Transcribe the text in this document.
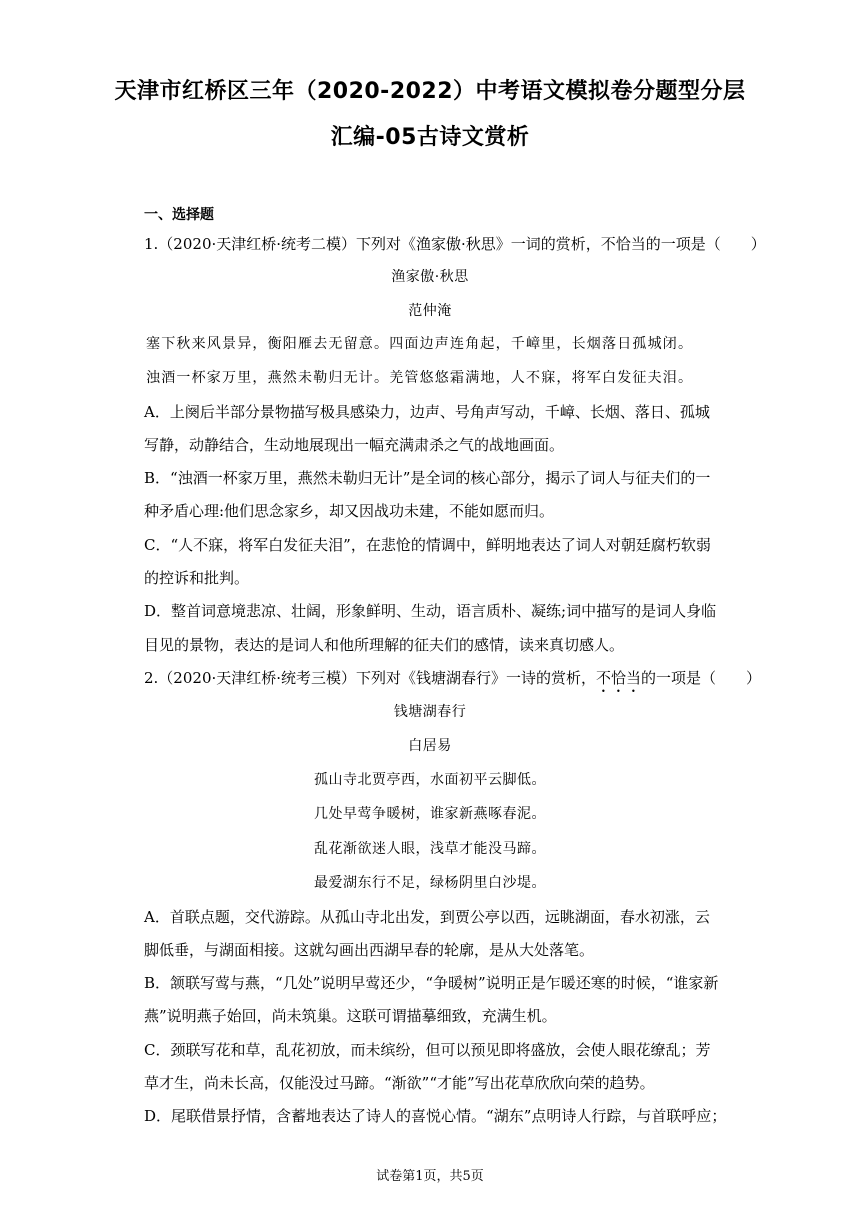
天津市红桥区三年（2020-2022）中考语文模拟卷分题型分层
汇编-05古诗文赏析
一、选择题
1.（2020·天津红桥·统考二模）下列对《渔家傲·秋思》一词的赏析，不恰当的一项是（　　）
渔家傲·秋思
范仲淹
塞下秋来风景异，衡阳雁去无留意。四面边声连角起，千嶂里，长烟落日孤城闭。
浊酒一杯家万里，燕然未勒归无计。羌管悠悠霜满地，人不寐，将军白发征夫泪。
A．上阕后半部分景物描写极具感染力，边声、号角声写动，千嶂、长烟、落日、孤城
写静，动静结合，生动地展现出一幅充满肃杀之气的战地画面。
B．“浊酒一杯家万里，燕然未勒归无计”是全词的核心部分，揭示了词人与征夫们的一
种矛盾心理:他们思念家乡，却又因战功未建，不能如愿而归。
C．“人不寐，将军白发征夫泪”，在悲怆的情调中，鲜明地表达了词人对朝廷腐朽软弱
的控诉和批判。
D．整首词意境悲凉、壮阔，形象鲜明、生动，语言质朴、凝练;词中描写的是词人身临
目见的景物，表达的是词人和他所理解的征夫们的感情，读来真切感人。
2.（2020·天津红桥·统考三模）下列对《钱塘湖春行》一诗的赏析，不恰当的一项是（　　）
钱塘湖春行
白居易
孤山寺北贾亭西，水面初平云脚低。
几处早莺争暖树，谁家新燕啄春泥。
乱花渐欲迷人眼，浅草才能没马蹄。
最爱湖东行不足，绿杨阴里白沙堤。
A．首联点题，交代游踪。从孤山寺北出发，到贾公亭以西，远眺湖面，春水初涨，云
脚低垂，与湖面相接。这就勾画出西湖早春的轮廓，是从大处落笔。
B．颔联写莺与燕，“几处”说明早莺还少，“争暖树”说明正是乍暖还寒的时候，“谁家新
燕”说明燕子始回，尚未筑巢。这联可谓描摹细致，充满生机。
C．颈联写花和草，乱花初放，而未缤纷，但可以预见即将盛放，会使人眼花缭乱；芳
草才生，尚未长高，仅能没过马蹄。“渐欲”“才能”写出花草欣欣向荣的趋势。
D．尾联借景抒情，含蓄地表达了诗人的喜悦心情。“湖东”点明诗人行踪，与首联呼应；
试卷第1页，共5页
